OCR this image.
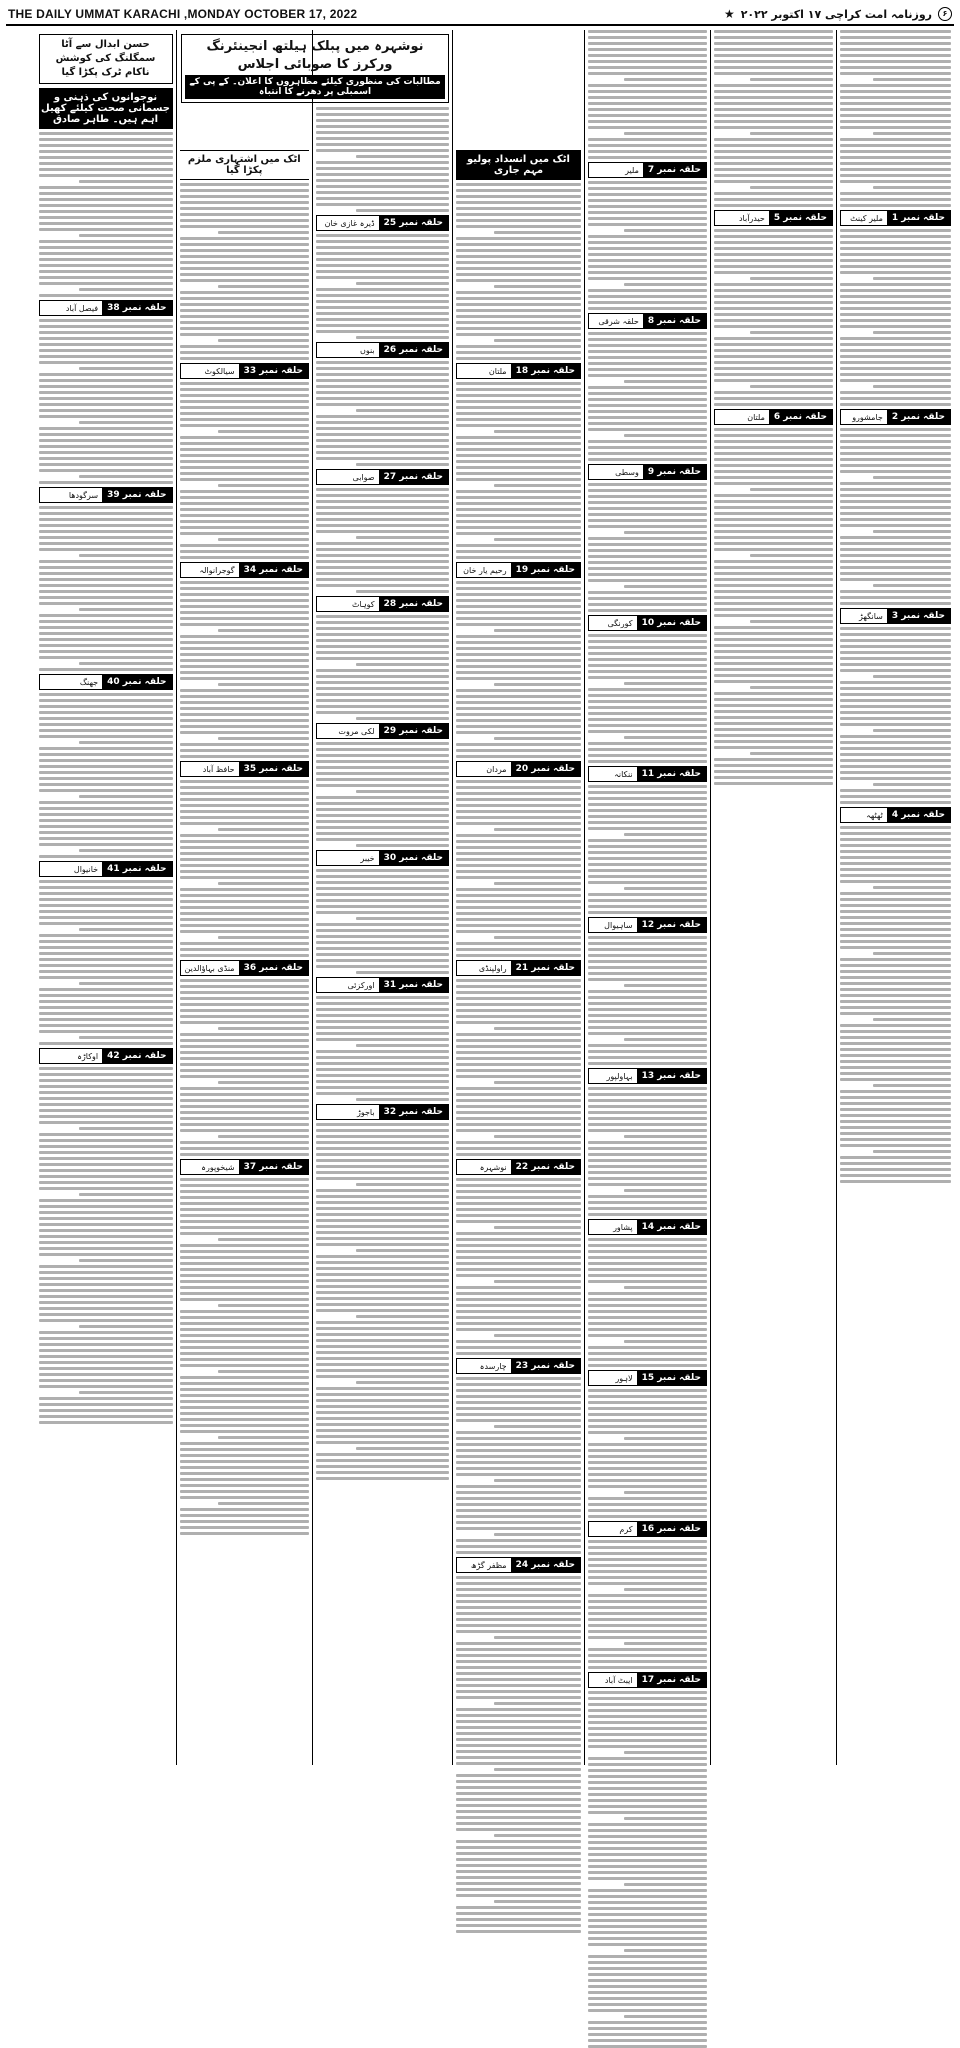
THE DAILY UMMAT KARACHI ,MONDAY OCTOBER 17, 2022	۶
روزنامہ امت کراچی ۱۷ اکتوبر ۲۰۲۲
★
حلقہ نمبر 1
ملیر کینٹ
حلقہ نمبر 2
جامشورو
حلقہ نمبر 3
سانگھڑ
حلقہ نمبر 4
ٹھٹھہ
حلقہ نمبر 5
حیدرآباد
حلقہ نمبر 6
ملتان
حلقہ نمبر 7
ملیر
حلقہ نمبر 8
حلقہ شرقی
حلقہ نمبر 9
وسطی
حلقہ نمبر 10
کورنگی
حلقہ نمبر 11
ننکانہ
حلقہ نمبر 12
ساہیوال
حلقہ نمبر 13
بہاولپور
حلقہ نمبر 14
پشاور
حلقہ نمبر 15
لاہور
حلقہ نمبر 16
کرم
حلقہ نمبر 17
ایبٹ آباد
اٹک میں انسداد پولیو مہم جاری
حلقہ نمبر 18
ملتان
حلقہ نمبر 19
رحیم یار خان
حلقہ نمبر 20
مردان
حلقہ نمبر 21
راولپنڈی
حلقہ نمبر 22
نوشہرہ
حلقہ نمبر 23
چارسدہ
حلقہ نمبر 24
مظفر گڑھ
نوشہرہ میں پبلک ہیلتھ انجینئرنگ ورکرز کا صوبائی اجلاس
مطالبات کی منظوری کیلئے مظاہروں کا اعلان۔ کے پی کے اسمبلی پر دھرنے کا انتباہ
حلقہ نمبر 25
ڈیرہ غازی خان
حلقہ نمبر 26
بنوں
حلقہ نمبر 27
صوابی
حلقہ نمبر 28
کوہاٹ
حلقہ نمبر 29
لکی مروت
حلقہ نمبر 30
خیبر
حلقہ نمبر 31
اورکزئی
حلقہ نمبر 32
باجوڑ
اٹک میں اشتہاری ملزم پکڑا گیا
حلقہ نمبر 33
سیالکوٹ
حلقہ نمبر 34
گوجرانوالہ
حلقہ نمبر 35
حافظ آباد
حلقہ نمبر 36
منڈی بہاؤالدین
حلقہ نمبر 37
شیخوپورہ
حسن ابدال سے آٹا سمگلنگ کی کوشش ناکام ٹرک پکڑا گیا
نوجوانوں کی ذہنی و جسمانی صحت کیلئے کھیل اہم ہیں۔ طاہر صادق
حلقہ نمبر 38
فیصل آباد
حلقہ نمبر 39
سرگودھا
حلقہ نمبر 40
جھنگ
حلقہ نمبر 41
خانیوال
حلقہ نمبر 42
اوکاڑہ
